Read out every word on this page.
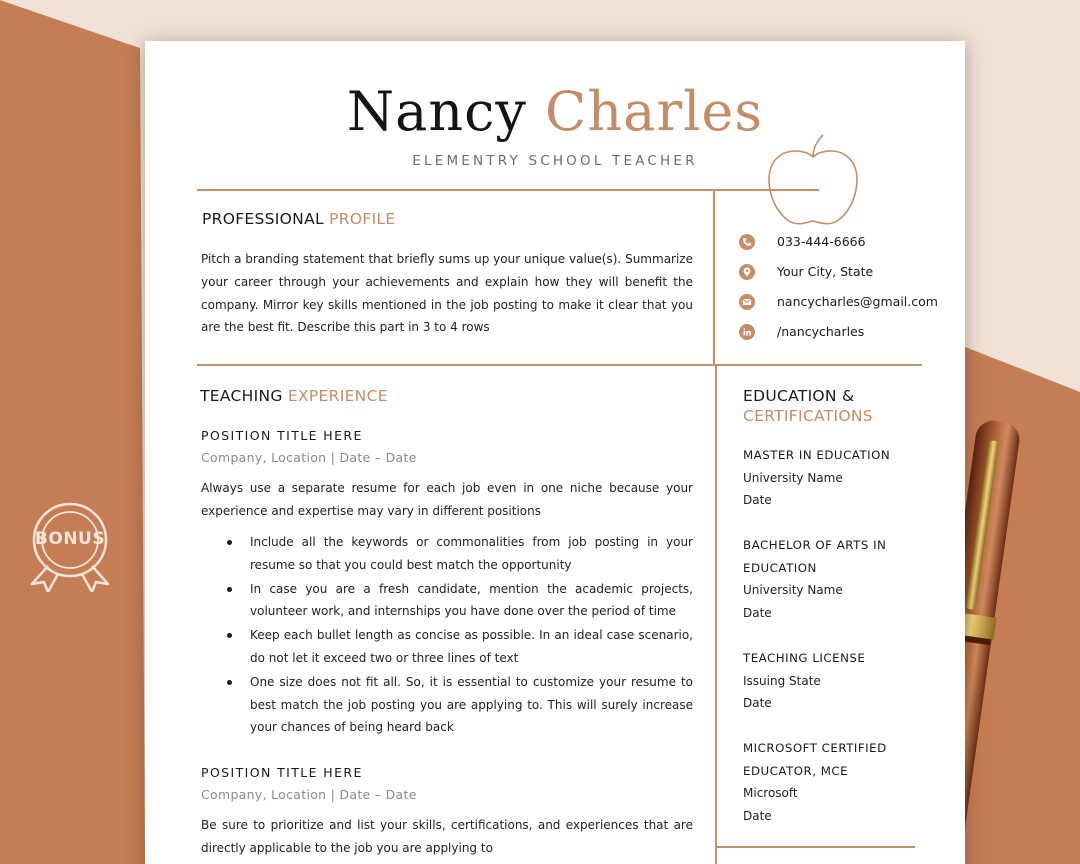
BONUS
Nancy Charles
ELEMENTRY SCHOOL TEACHER
PROFESSIONAL PROFILE
Pitch a branding statement that briefly sums up your unique value(s). Summarize your career through your achievements and explain how they will benefit the company. Mirror key skills mentioned in the job posting to make it clear that you are the best fit. Describe this part in 3 to 4 rows
033-444-6666
Your City, State
nancycharles@gmail.com
/nancycharles
TEACHING EXPERIENCE
POSITION TITLE HERE
Company, Location | Date – Date
Always use a separate resume for each job even in one niche because your experience and expertise may vary in different positions
Include all the keywords or commonalities from job posting in your resume so that you could best match the opportunity
In case you are a fresh candidate, mention the academic projects, volunteer work, and internships you have done over the period of time
Keep each bullet length as concise as possible. In an ideal case scenario, do not let it exceed two or three lines of text
One size does not fit all. So, it is essential to customize your resume to best match the job posting you are applying to. This will surely increase your chances of being heard back
POSITION TITLE HERE
Company, Location | Date – Date
Be sure to prioritize and list your skills, certifications, and experiences that are directly applicable to the job you are applying to
EDUCATION &
CERTIFICATIONS
MASTER IN EDUCATION
University Name
Date
BACHELOR OF ARTS IN EDUCATION
University Name
Date
TEACHING LICENSE
Issuing State
Date
MICROSOFT CERTIFIED EDUCATOR, MCE
Microsoft
Date
